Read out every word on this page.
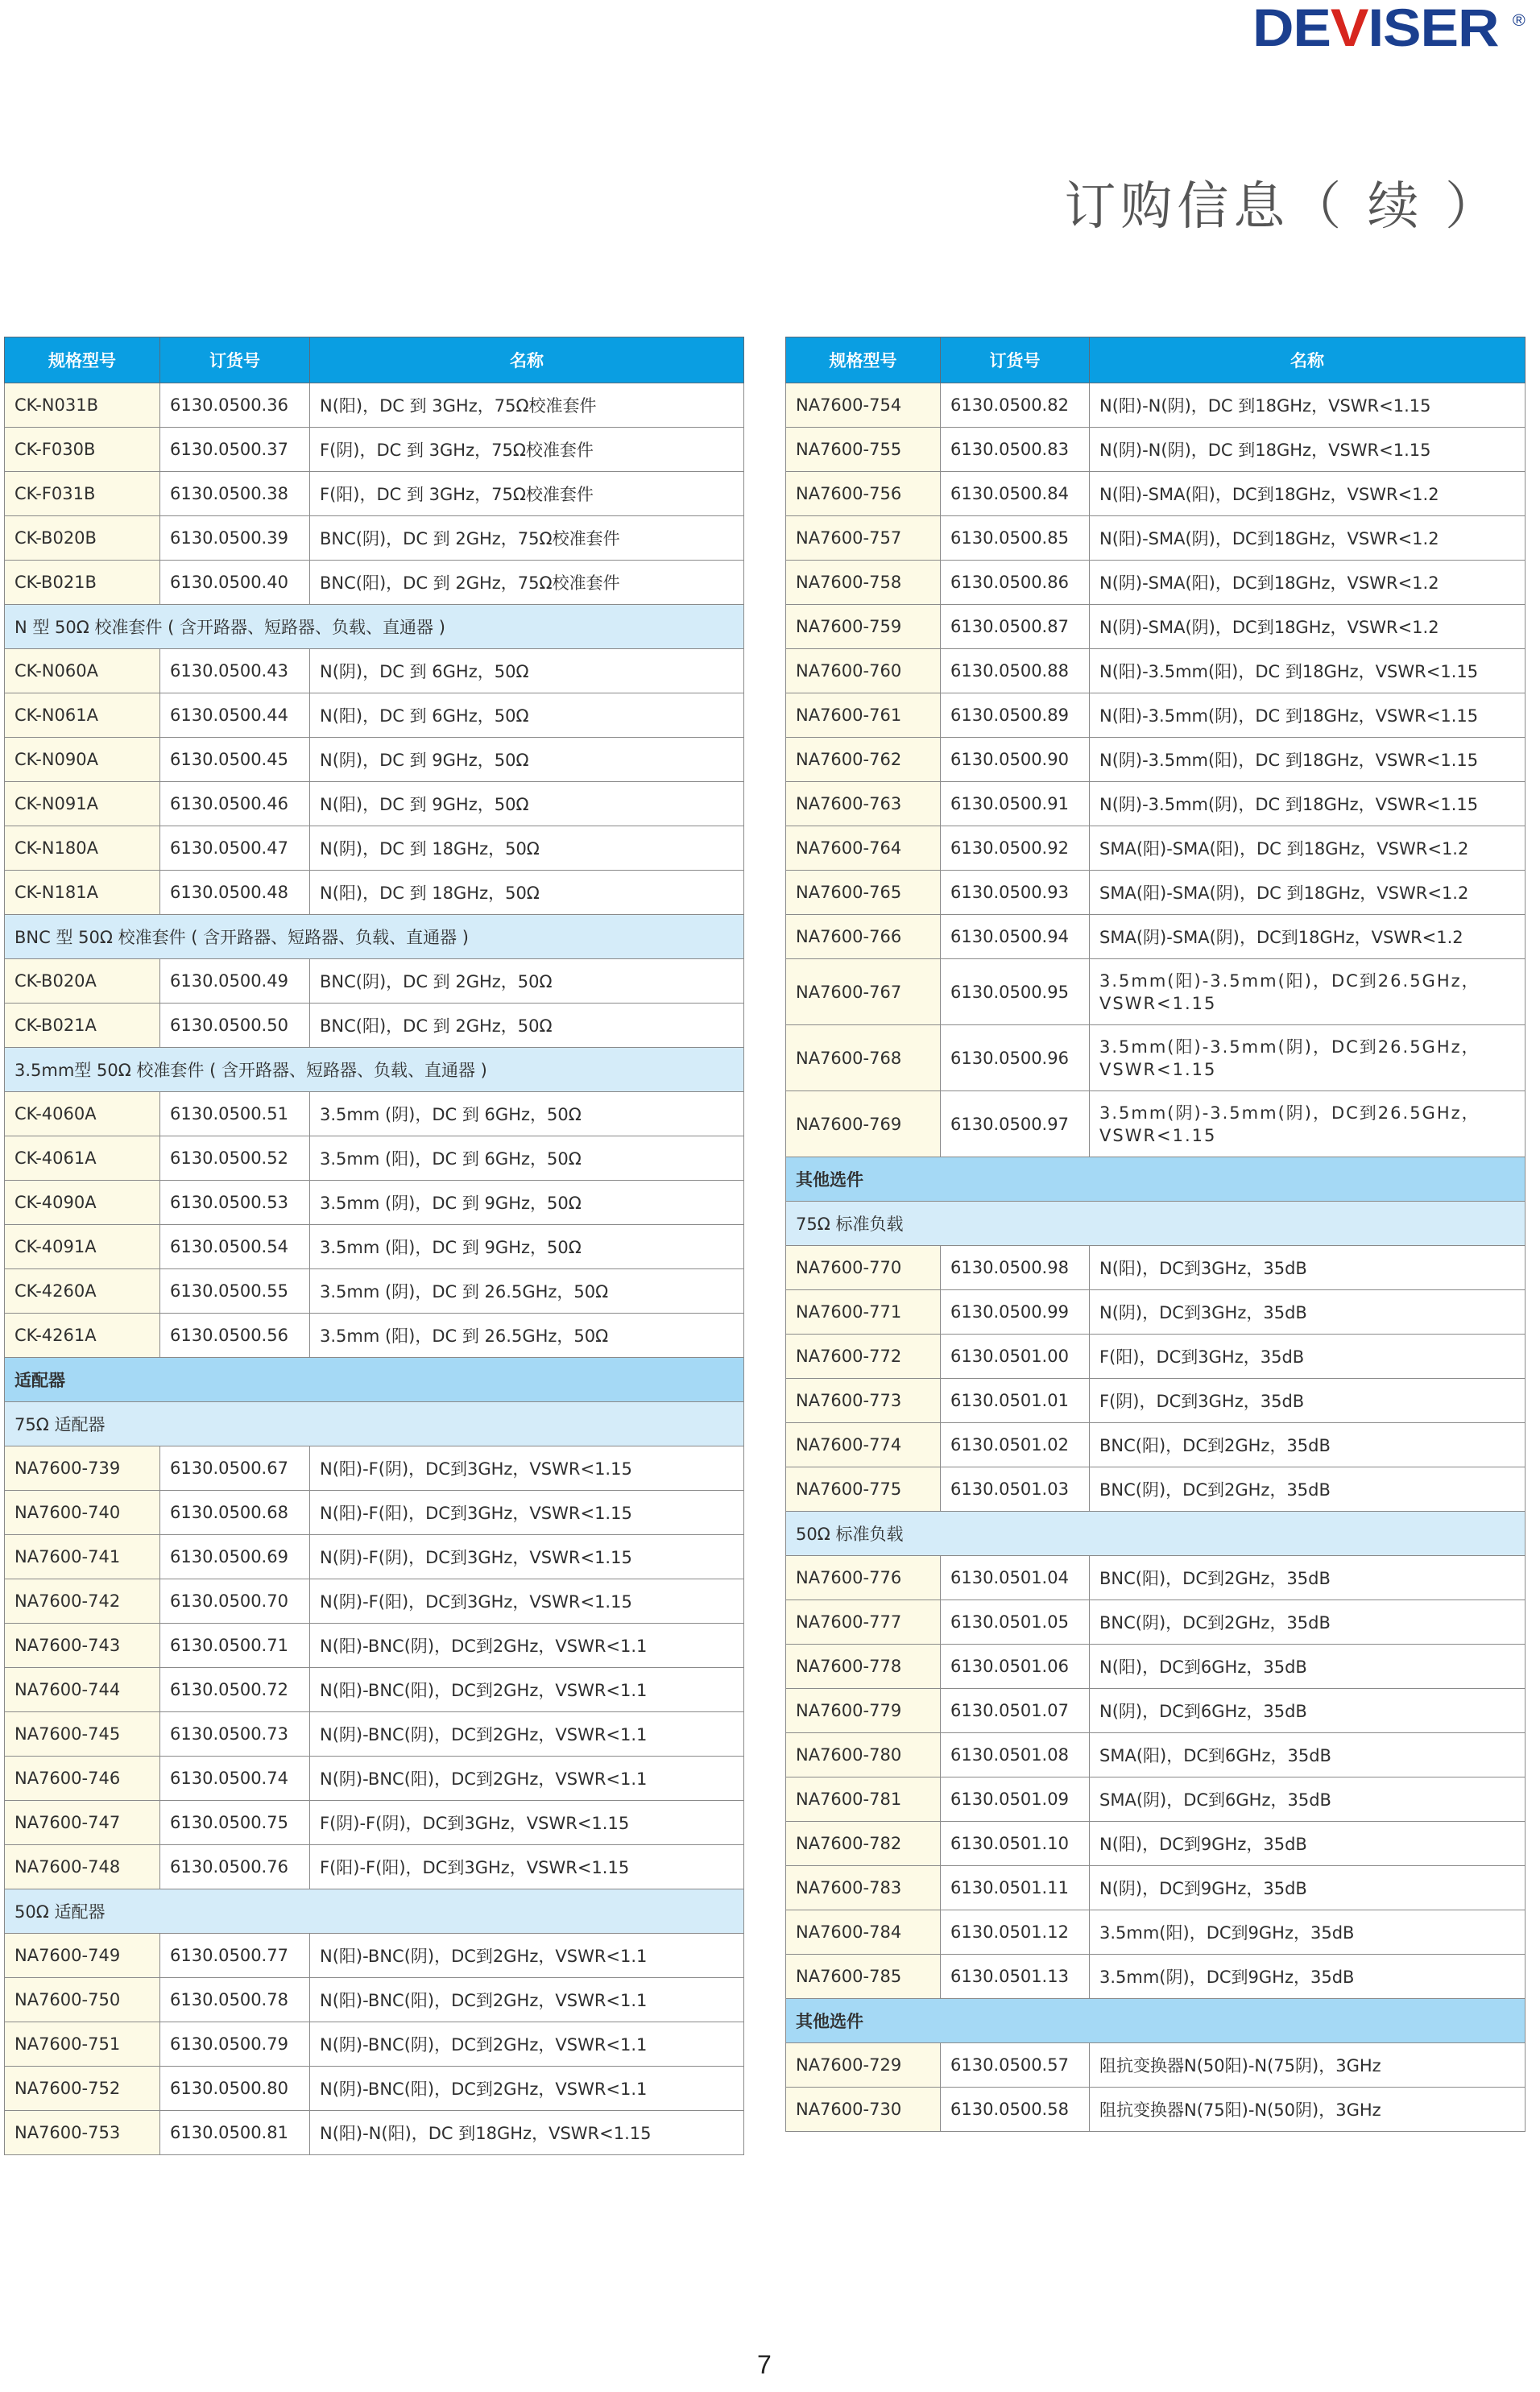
DEVISER ®
订购信息（ 续 ）
规格型号	订货号	名称
CK-N031B	6130.0500.36	N(阳)，DC 到 3GHz，75Ω校准套件
CK-F030B	6130.0500.37	F(阴)，DC 到 3GHz，75Ω校准套件
CK-F031B	6130.0500.38	F(阳)，DC 到 3GHz，75Ω校准套件
CK-B020B	6130.0500.39	BNC(阴)，DC 到 2GHz，75Ω校准套件
CK-B021B	6130.0500.40	BNC(阳)，DC 到 2GHz，75Ω校准套件
N 型 50Ω 校准套件 ( 含开路器、短路器、负载、直通器 )		
CK-N060A	6130.0500.43	N(阴)，DC 到 6GHz，50Ω
CK-N061A	6130.0500.44	N(阳)，DC 到 6GHz，50Ω
CK-N090A	6130.0500.45	N(阴)，DC 到 9GHz，50Ω
CK-N091A	6130.0500.46	N(阳)，DC 到 9GHz，50Ω
CK-N180A	6130.0500.47	N(阴)，DC 到 18GHz，50Ω
CK-N181A	6130.0500.48	N(阳)，DC 到 18GHz，50Ω
BNC 型 50Ω 校准套件 ( 含开路器、短路器、负载、直通器 )		
CK-B020A	6130.0500.49	BNC(阴)，DC 到 2GHz，50Ω
CK-B021A	6130.0500.50	BNC(阳)，DC 到 2GHz，50Ω
3.5mm型 50Ω 校准套件 ( 含开路器、短路器、负载、直通器 )		
CK-4060A	6130.0500.51	3.5mm (阴)，DC 到 6GHz，50Ω
CK-4061A	6130.0500.52	3.5mm (阳)，DC 到 6GHz，50Ω
CK-4090A	6130.0500.53	3.5mm (阴)，DC 到 9GHz，50Ω
CK-4091A	6130.0500.54	3.5mm (阳)，DC 到 9GHz，50Ω
CK-4260A	6130.0500.55	3.5mm (阴)，DC 到 26.5GHz，50Ω
CK-4261A	6130.0500.56	3.5mm (阳)，DC 到 26.5GHz，50Ω
适配器		
75Ω 适配器		
NA7600-739	6130.0500.67	N(阳)-F(阴)，DC到3GHz，VSWR<1.15
NA7600-740	6130.0500.68	N(阳)-F(阳)，DC到3GHz，VSWR<1.15
NA7600-741	6130.0500.69	N(阴)-F(阴)，DC到3GHz，VSWR<1.15
NA7600-742	6130.0500.70	N(阴)-F(阳)，DC到3GHz，VSWR<1.15
NA7600-743	6130.0500.71	N(阳)-BNC(阴)，DC到2GHz，VSWR<1.1
NA7600-744	6130.0500.72	N(阳)-BNC(阳)，DC到2GHz，VSWR<1.1
NA7600-745	6130.0500.73	N(阴)-BNC(阴)，DC到2GHz，VSWR<1.1
NA7600-746	6130.0500.74	N(阴)-BNC(阳)，DC到2GHz，VSWR<1.1
NA7600-747	6130.0500.75	F(阴)-F(阴)，DC到3GHz，VSWR<1.15
NA7600-748	6130.0500.76	F(阳)-F(阳)，DC到3GHz，VSWR<1.15
50Ω 适配器		
NA7600-749	6130.0500.77	N(阳)-BNC(阴)，DC到2GHz，VSWR<1.1
NA7600-750	6130.0500.78	N(阳)-BNC(阳)，DC到2GHz，VSWR<1.1
NA7600-751	6130.0500.79	N(阴)-BNC(阴)，DC到2GHz，VSWR<1.1
NA7600-752	6130.0500.80	N(阴)-BNC(阳)，DC到2GHz，VSWR<1.1
NA7600-753	6130.0500.81	N(阳)-N(阳)，DC 到18GHz，VSWR<1.15
规格型号	订货号	名称
NA7600-754	6130.0500.82	N(阳)-N(阴)，DC 到18GHz，VSWR<1.15
NA7600-755	6130.0500.83	N(阴)-N(阴)，DC 到18GHz，VSWR<1.15
NA7600-756	6130.0500.84	N(阳)-SMA(阳)，DC到18GHz，VSWR<1.2
NA7600-757	6130.0500.85	N(阳)-SMA(阴)，DC到18GHz，VSWR<1.2
NA7600-758	6130.0500.86	N(阴)-SMA(阳)，DC到18GHz，VSWR<1.2
NA7600-759	6130.0500.87	N(阴)-SMA(阴)，DC到18GHz，VSWR<1.2
NA7600-760	6130.0500.88	N(阳)-3.5mm(阳)，DC 到18GHz，VSWR<1.15
NA7600-761	6130.0500.89	N(阳)-3.5mm(阴)，DC 到18GHz，VSWR<1.15
NA7600-762	6130.0500.90	N(阴)-3.5mm(阳)，DC 到18GHz，VSWR<1.15
NA7600-763	6130.0500.91	N(阴)-3.5mm(阴)，DC 到18GHz，VSWR<1.15
NA7600-764	6130.0500.92	SMA(阳)-SMA(阳)，DC 到18GHz，VSWR<1.2
NA7600-765	6130.0500.93	SMA(阳)-SMA(阴)，DC 到18GHz，VSWR<1.2
NA7600-766	6130.0500.94	SMA(阴)-SMA(阴)，DC到18GHz，VSWR<1.2
NA7600-767	6130.0500.95	3.5mm(阳)-3.5mm(阳)，DC到26.5GHz，VSWR<1.15
NA7600-768	6130.0500.96	3.5mm(阳)-3.5mm(阴)，DC到26.5GHz，VSWR<1.15
NA7600-769	6130.0500.97	3.5mm(阴)-3.5mm(阴)，DC到26.5GHz，VSWR<1.15
其他选件		
75Ω 标准负载		
NA7600-770	6130.0500.98	N(阳)，DC到3GHz，35dB
NA7600-771	6130.0500.99	N(阴)，DC到3GHz，35dB
NA7600-772	6130.0501.00	F(阳)，DC到3GHz，35dB
NA7600-773	6130.0501.01	F(阴)，DC到3GHz，35dB
NA7600-774	6130.0501.02	BNC(阳)，DC到2GHz，35dB
NA7600-775	6130.0501.03	BNC(阴)，DC到2GHz，35dB
50Ω 标准负载		
NA7600-776	6130.0501.04	BNC(阳)，DC到2GHz，35dB
NA7600-777	6130.0501.05	BNC(阴)，DC到2GHz，35dB
NA7600-778	6130.0501.06	N(阳)，DC到6GHz，35dB
NA7600-779	6130.0501.07	N(阴)，DC到6GHz，35dB
NA7600-780	6130.0501.08	SMA(阳)，DC到6GHz，35dB
NA7600-781	6130.0501.09	SMA(阴)，DC到6GHz，35dB
NA7600-782	6130.0501.10	N(阳)，DC到9GHz，35dB
NA7600-783	6130.0501.11	N(阴)，DC到9GHz，35dB
NA7600-784	6130.0501.12	3.5mm(阳)，DC到9GHz，35dB
NA7600-785	6130.0501.13	3.5mm(阴)，DC到9GHz，35dB
其他选件		
NA7600-729	6130.0500.57	阻抗变换器N(50阳)-N(75阴)，3GHz
NA7600-730	6130.0500.58	阻抗变换器N(75阳)-N(50阴)，3GHz
7
